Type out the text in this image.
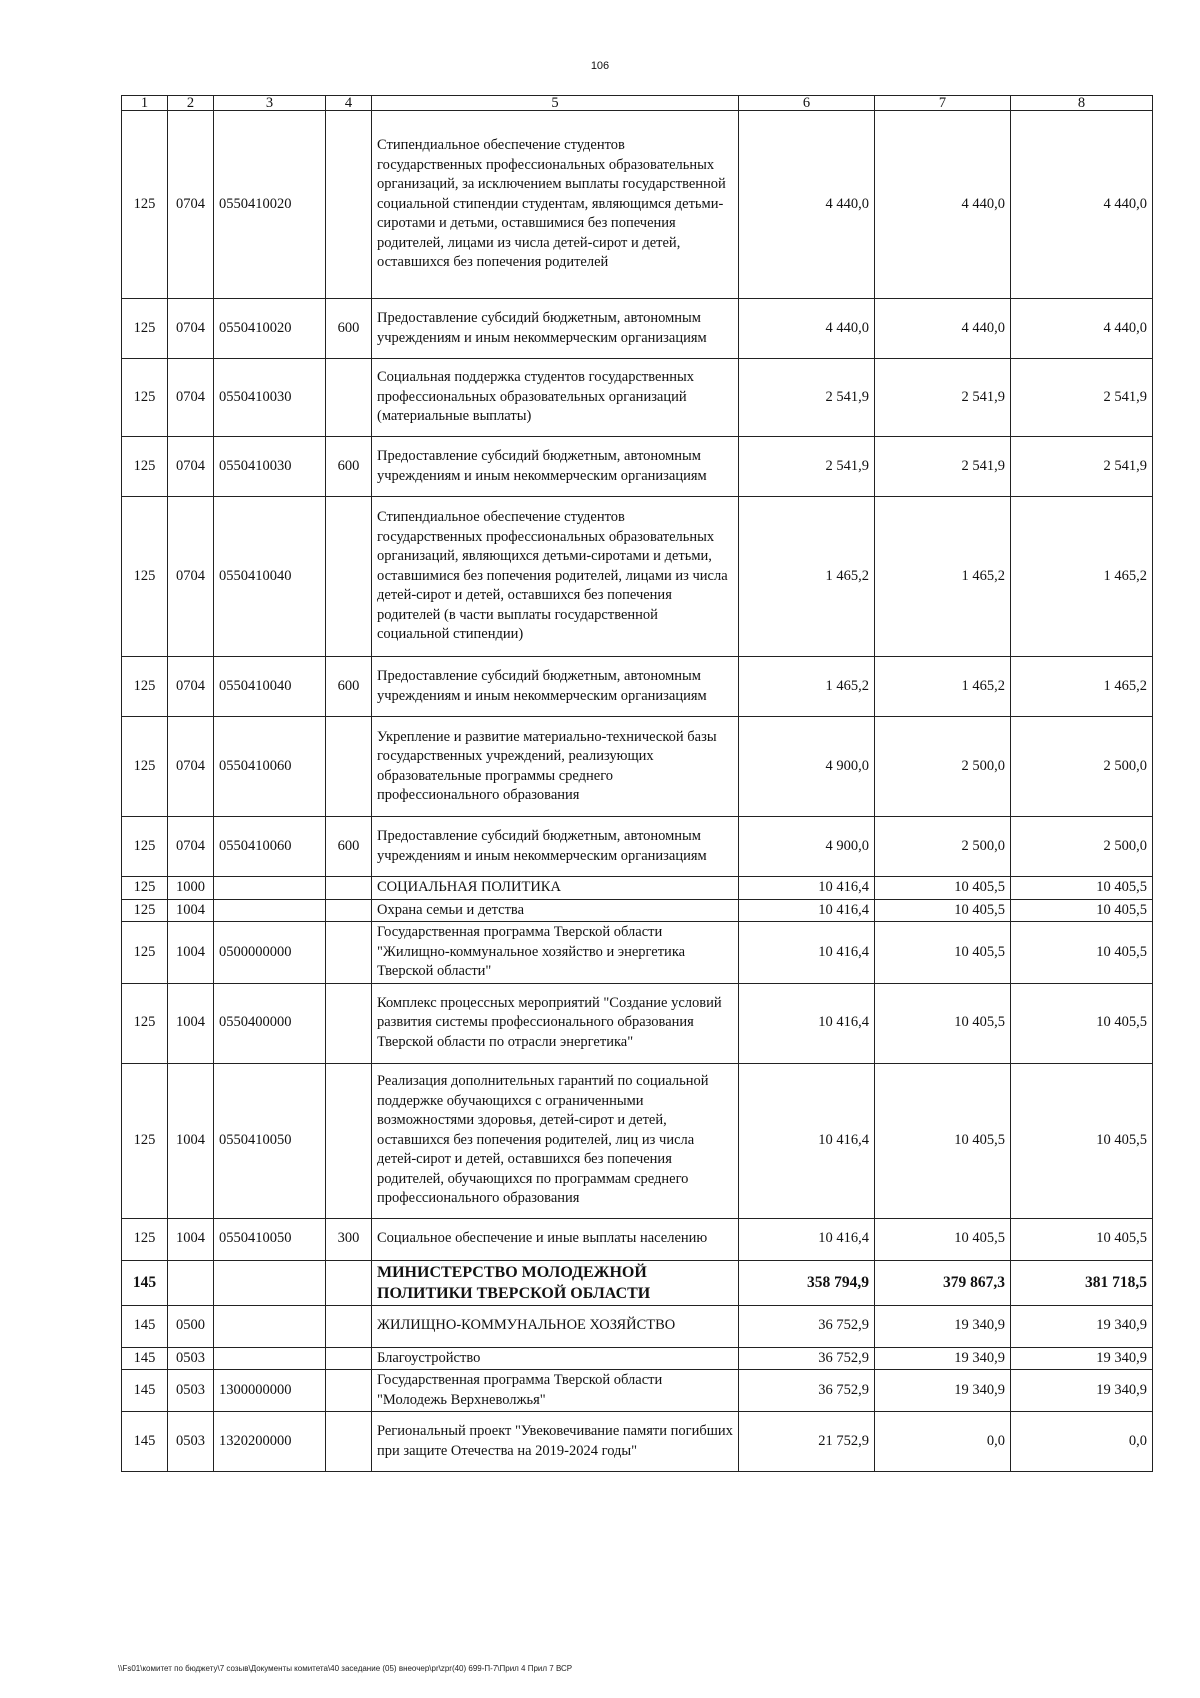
106
1	2	3	4	5	6	7	8
125	0704	0550410020		Стипендиальное обеспечение студентов государственных профессиональных образовательных организаций, за исключением выплаты государственной социальной стипендии студентам, являющимся детьми-сиротами и детьми, оставшимися без попечения родителей, лицами из числа детей-сирот и детей, оставшихся без попечения родителей	4 440,0	4 440,0	4 440,0
125	0704	0550410020	600	Предоставление субсидий бюджетным, автономным учреждениям и иным некоммерческим организациям	4 440,0	4 440,0	4 440,0
125	0704	0550410030		Социальная поддержка студентов государственных профессиональных образовательных организаций (материальные выплаты)	2 541,9	2 541,9	2 541,9
125	0704	0550410030	600	Предоставление субсидий бюджетным, автономным учреждениям и иным некоммерческим организациям	2 541,9	2 541,9	2 541,9
125	0704	0550410040		Стипендиальное обеспечение студентов государственных профессиональных образовательных организаций, являющихся детьми-сиротами и детьми, оставшимися без попечения родителей, лицами из числа детей-сирот и детей, оставшихся без попечения родителей (в части выплаты государственной социальной стипендии)	1 465,2	1 465,2	1 465,2
125	0704	0550410040	600	Предоставление субсидий бюджетным, автономным учреждениям и иным некоммерческим организациям	1 465,2	1 465,2	1 465,2
125	0704	0550410060		Укрепление и развитие материально-технической базы государственных учреждений, реализующих образовательные программы среднего профессионального образования	4 900,0	2 500,0	2 500,0
125	0704	0550410060	600	Предоставление субсидий бюджетным, автономным учреждениям и иным некоммерческим организациям	4 900,0	2 500,0	2 500,0
125	1000			СОЦИАЛЬНАЯ ПОЛИТИКА	10 416,4	10 405,5	10 405,5
125	1004			Охрана семьи и детства	10 416,4	10 405,5	10 405,5
125	1004	0500000000		Государственная программа Тверской области "Жилищно-коммунальное хозяйство и энергетика Тверской области"	10 416,4	10 405,5	10 405,5
125	1004	0550400000		Комплекс процессных мероприятий "Создание условий развития системы профессионального образования Тверской области по отрасли энергетика"	10 416,4	10 405,5	10 405,5
125	1004	0550410050		Реализация дополнительных гарантий по социальной поддержке обучающихся с ограниченными возможностями здоровья, детей-сирот и детей, оставшихся без попечения родителей, лиц из числа детей-сирот и детей, оставшихся без попечения родителей, обучающихся по программам среднего профессионального образования	10 416,4	10 405,5	10 405,5
125	1004	0550410050	300	Социальное обеспечение и иные выплаты населению	10 416,4	10 405,5	10 405,5
145				МИНИСТЕРСТВО МОЛОДЕЖНОЙ ПОЛИТИКИ ТВЕРСКОЙ ОБЛАСТИ	358 794,9	379 867,3	381 718,5
145	0500			ЖИЛИЩНО-КОММУНАЛЬНОЕ ХОЗЯЙСТВО	36 752,9	19 340,9	19 340,9
145	0503			Благоустройство	36 752,9	19 340,9	19 340,9
145	0503	1300000000		Государственная программа Тверской области "Молодежь Верхневолжья"	36 752,9	19 340,9	19 340,9
145	0503	1320200000		Региональный проект "Увековечивание памяти погибших при защите Отечества на 2019-2024 годы"	21 752,9	0,0	0,0
\\Fs01\комитет по бюджету\7 созыв\Документы комитета\40 заседание (05) внеочер\pr\zpr(40) 699-П-7\Прил 4 Прил 7 ВСР
